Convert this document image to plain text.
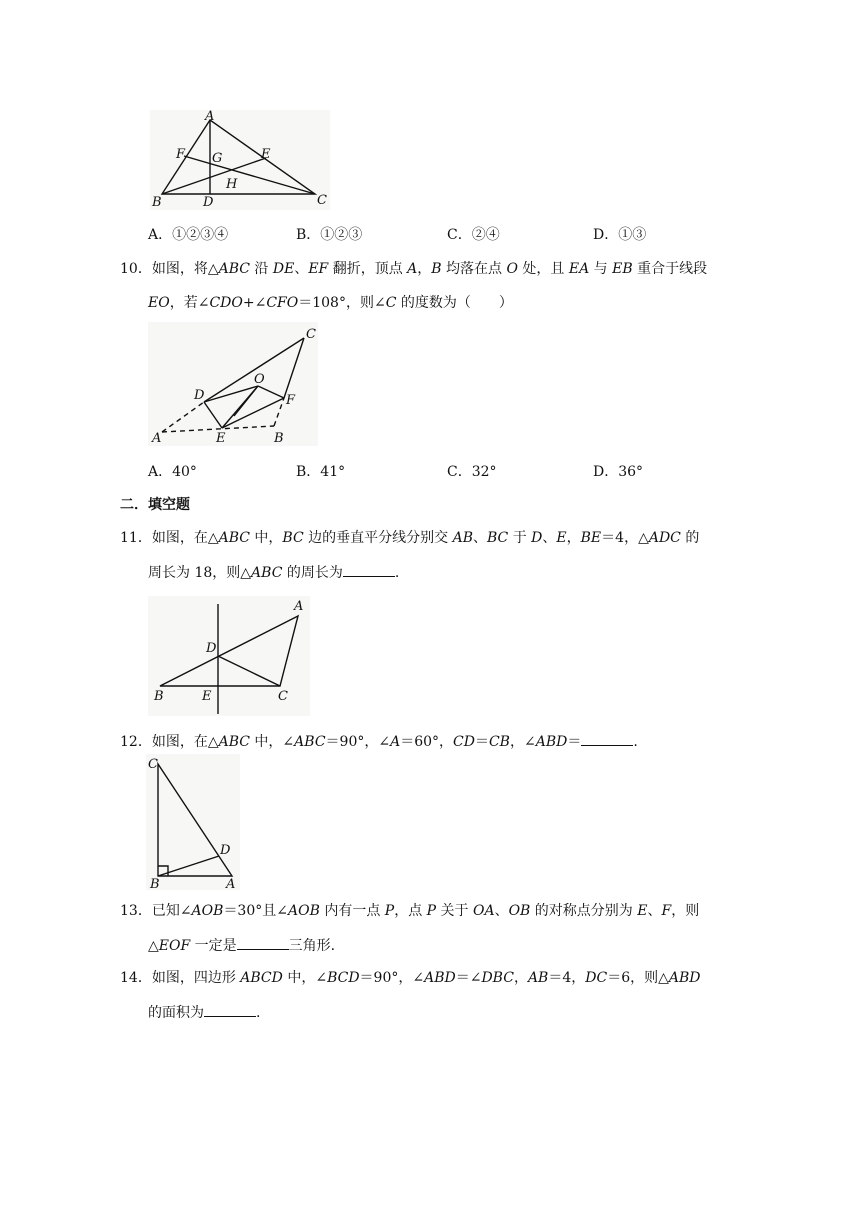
A
B	C
D
E
F G
H
A．①②③④	B．①②③	C．②④	D．①③
10．如图，将△ABC 沿 DE、EF 翻折，顶点 A，B 均落在点 O 处，且 EA 与 EB 重合于线段
EO，若∠CDO+∠CFO＝108°，则∠C 的度数为（　　）
C
D
O
F
A	E	B
A．40°	B．41°	C．32°	D．36°
二．填空题
11．如图，在△ABC 中，BC 边的垂直平分线分别交 AB、BC 于 D、E，BE＝4，△ADC 的
周长为 18，则△ABC 的周长为	.
A
D
B	E	C
12．如图，在△ABC 中，∠ABC＝90°，∠A＝60°，CD＝CB，∠ABD＝	.
C
D
B	A
13．已知∠AOB＝30°且∠AOB 内有一点 P，点 P 关于 OA、OB 的对称点分别为 E、F，则
△EOF 一定是	三角形.
14．如图，四边形 ABCD 中，∠BCD＝90°，∠ABD＝∠DBC，AB＝4，DC＝6，则△ABD
的面积为	.
